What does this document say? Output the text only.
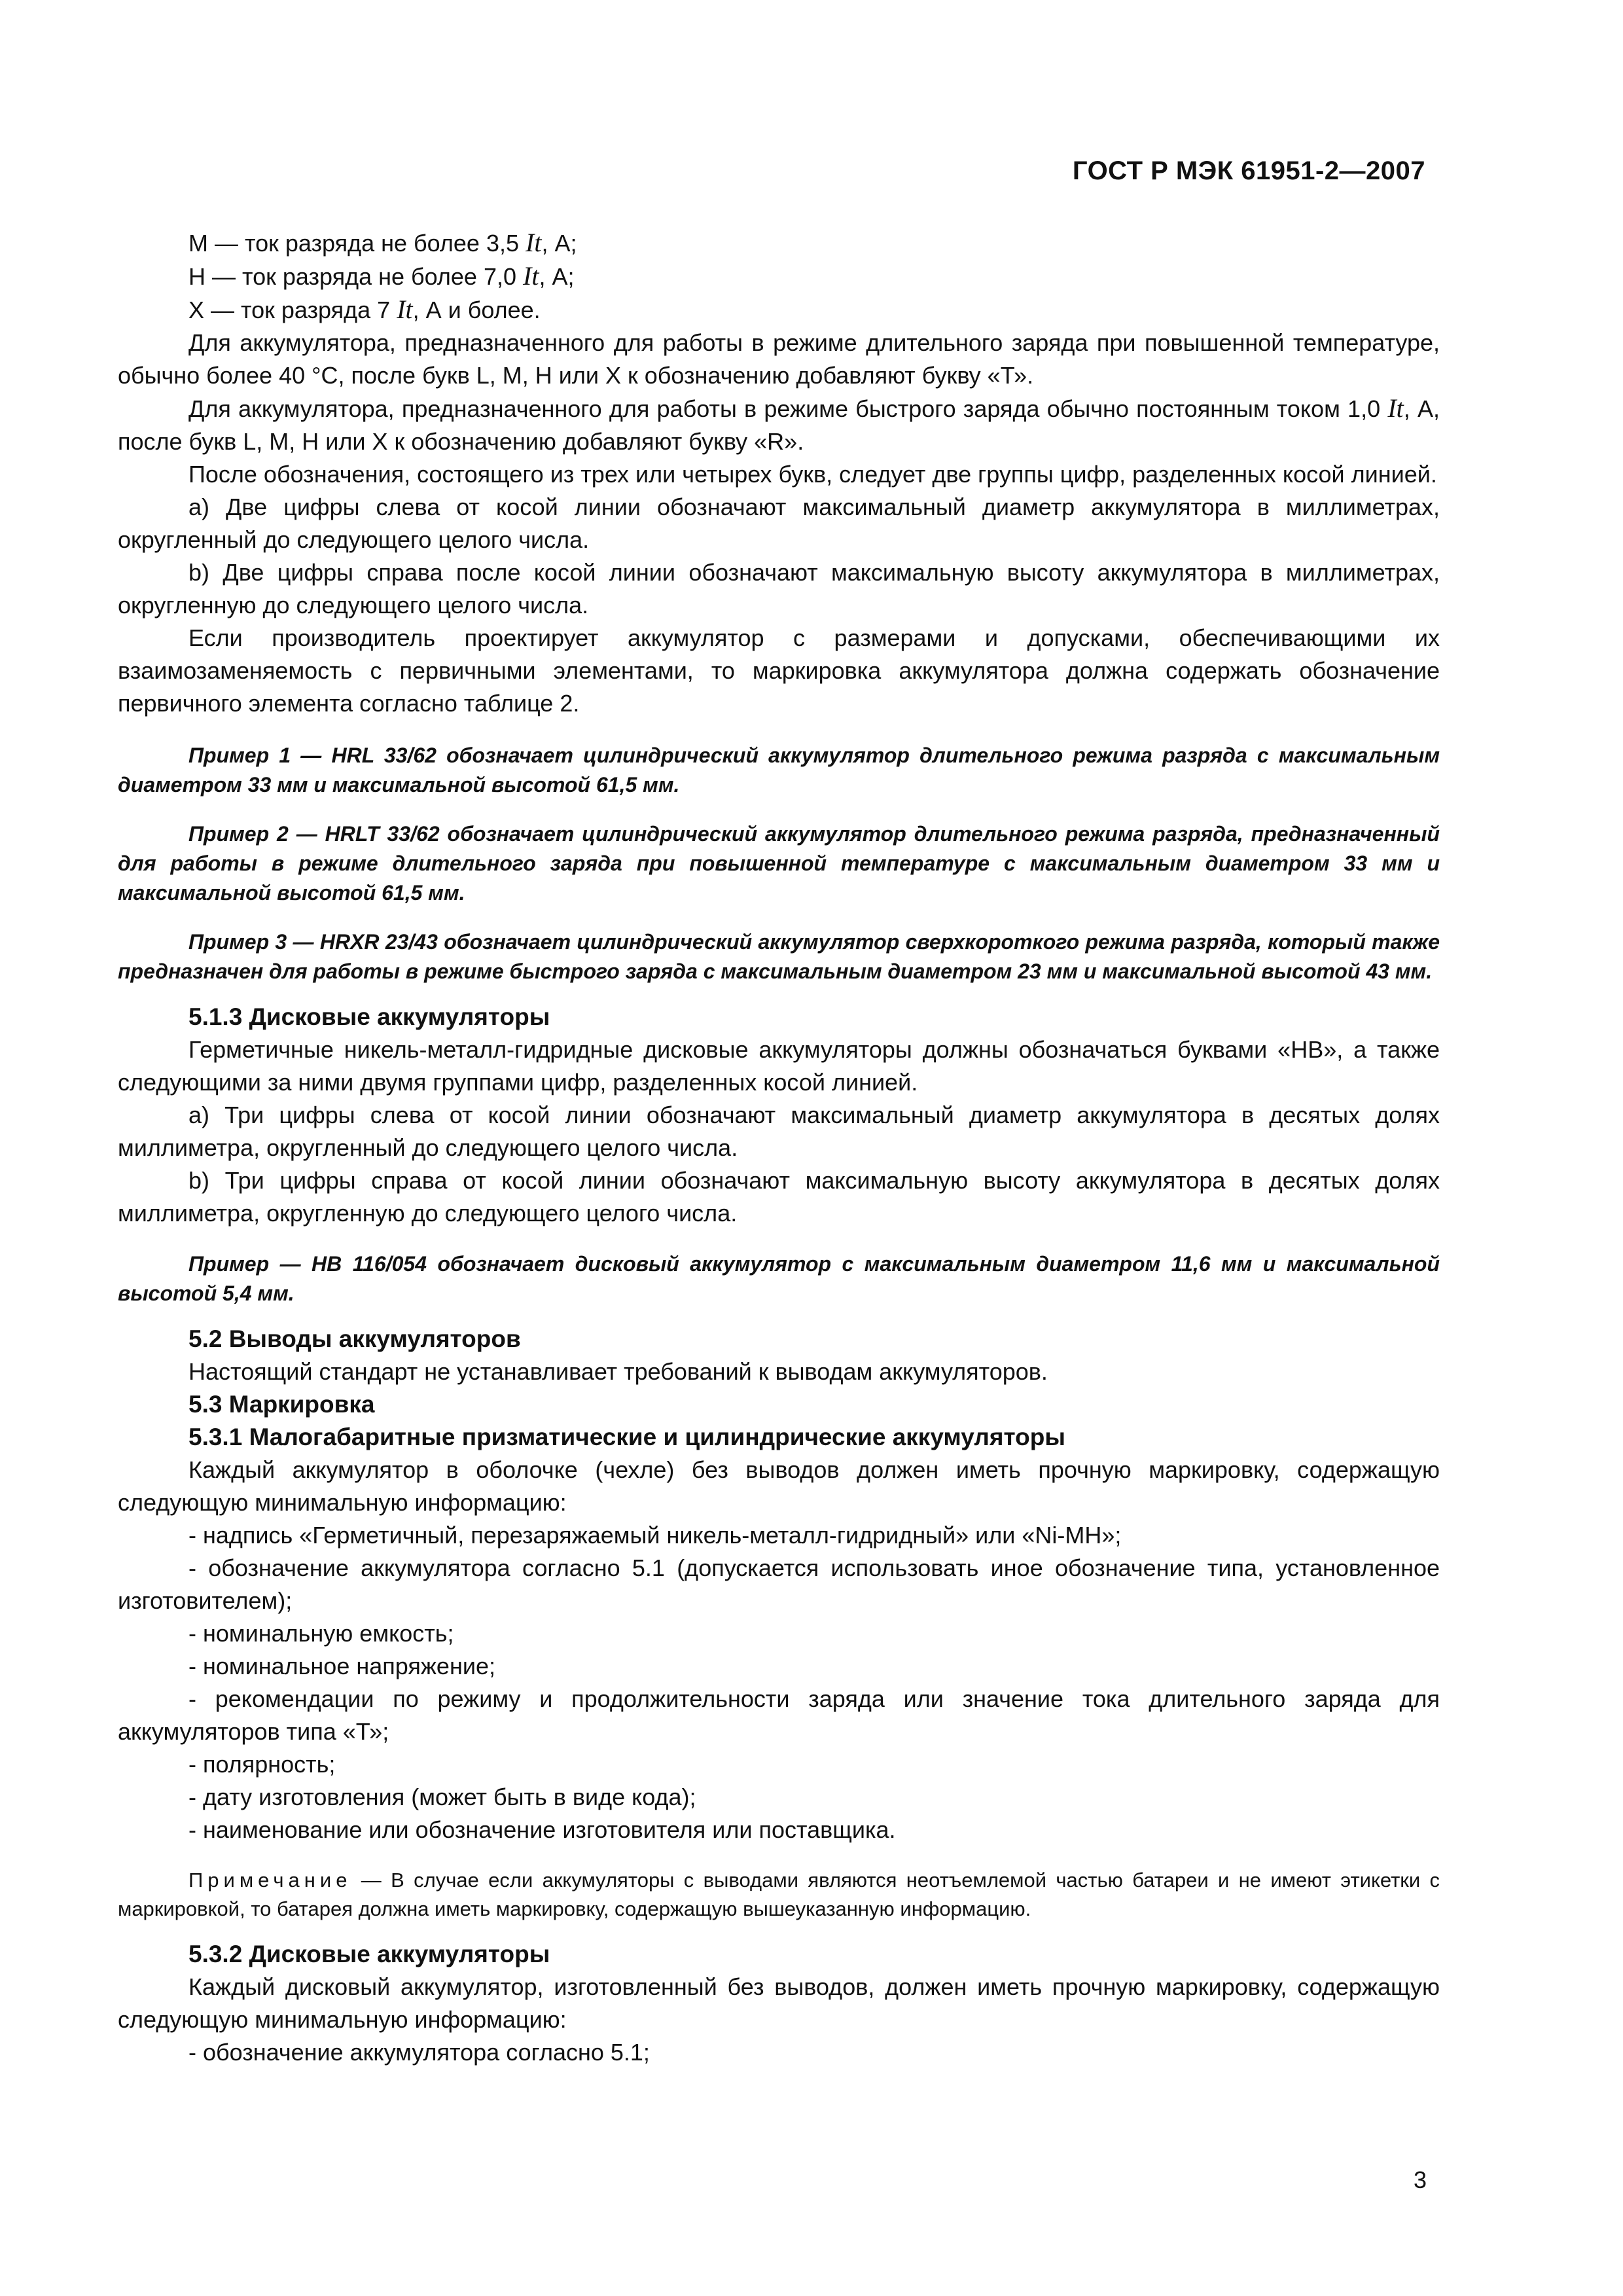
ГОСТ Р МЭК 61951-2—2007

М — ток разряда не более 3,5 It, А;

Н — ток разряда не более 7,0 It, А;

X — ток разряда 7 It, А и более.

Для аккумулятора, предназначенного для работы в режиме длительного заряда при повышенной температуре, обычно более 40 °С, после букв L, М, Н или X к обозначению добавляют букву «Т».

Для аккумулятора, предназначенного для работы в режиме быстрого заряда обычно постоянным током 1,0 It, А, после букв L, М, Н или X к обозначению добавляют букву «R».

После обозначения, состоящего из трех или четырех букв, следует две группы цифр, разделенных косой линией.

а) Две цифры слева от косой линии обозначают максимальный диаметр аккумулятора в миллиметрах, округленный до следующего целого числа.

b) Две цифры справа после косой линии обозначают максимальную высоту аккумулятора в миллиметрах, округленную до следующего целого числа.

Если производитель проектирует аккумулятор с размерами и допусками, обеспечивающими их взаимозаменяемость с первичными элементами, то маркировка аккумулятора должна содержать обозначение первичного элемента согласно таблице 2.

Пример 1 — HRL 33/62 обозначает цилиндрический аккумулятор длительного режима разряда с максимальным диаметром 33 мм и максимальной высотой 61,5 мм.

Пример 2 — HRLT 33/62 обозначает цилиндрический аккумулятор длительного режима разряда, предназначенный для работы в режиме длительного заряда при повышенной температуре с максимальным диаметром 33 мм и максимальной высотой 61,5 мм.

Пример 3 — HRXR 23/43 обозначает цилиндрический аккумулятор сверхкороткого режима разряда, который также предназначен для работы в режиме быстрого заряда с максимальным диаметром 23 мм и максимальной высотой 43 мм.

5.1.3 Дисковые аккумуляторы

Герметичные никель-металл-гидридные дисковые аккумуляторы должны обозначаться буквами «НВ», а также следующими за ними двумя группами цифр, разделенных косой линией.

а) Три цифры слева от косой линии обозначают максимальный диаметр аккумулятора в десятых долях миллиметра, округленный до следующего целого числа.

b) Три цифры справа от косой линии обозначают максимальную высоту аккумулятора в десятых долях миллиметра, округленную до следующего целого числа.

Пример — НВ 116/054 обозначает дисковый аккумулятор с максимальным диаметром 11,6 мм и максимальной высотой 5,4 мм.

5.2 Выводы аккумуляторов

Настоящий стандарт не устанавливает требований к выводам аккумуляторов.

5.3 Маркировка
5.3.1 Малогабаритные призматические и цилиндрические аккумуляторы

Каждый аккумулятор в оболочке (чехле) без выводов должен иметь прочную маркировку, содержащую следующую минимальную информацию:

- надпись «Герметичный, перезаряжаемый никель-металл-гидридный» или «Ni-MH»;

- обозначение аккумулятора согласно 5.1 (допускается использовать иное обозначение типа, установленное изготовителем);

- номинальную емкость;

- номинальное напряжение;

- рекомендации по режиму и продолжительности заряда или значение тока длительного заряда для аккумуляторов типа «Т»;

- полярность;

- дату изготовления (может быть в виде кода);

- наименование или обозначение изготовителя или поставщика.

Примечание — В случае если аккумуляторы с выводами являются неотъемлемой частью батареи и не имеют этикетки с маркировкой, то батарея должна иметь маркировку, содержащую вышеуказанную информацию.

5.3.2 Дисковые аккумуляторы

Каждый дисковый аккумулятор, изготовленный без выводов, должен иметь прочную маркировку, содержащую следующую минимальную информацию:

- обозначение аккумулятора согласно 5.1;

3
